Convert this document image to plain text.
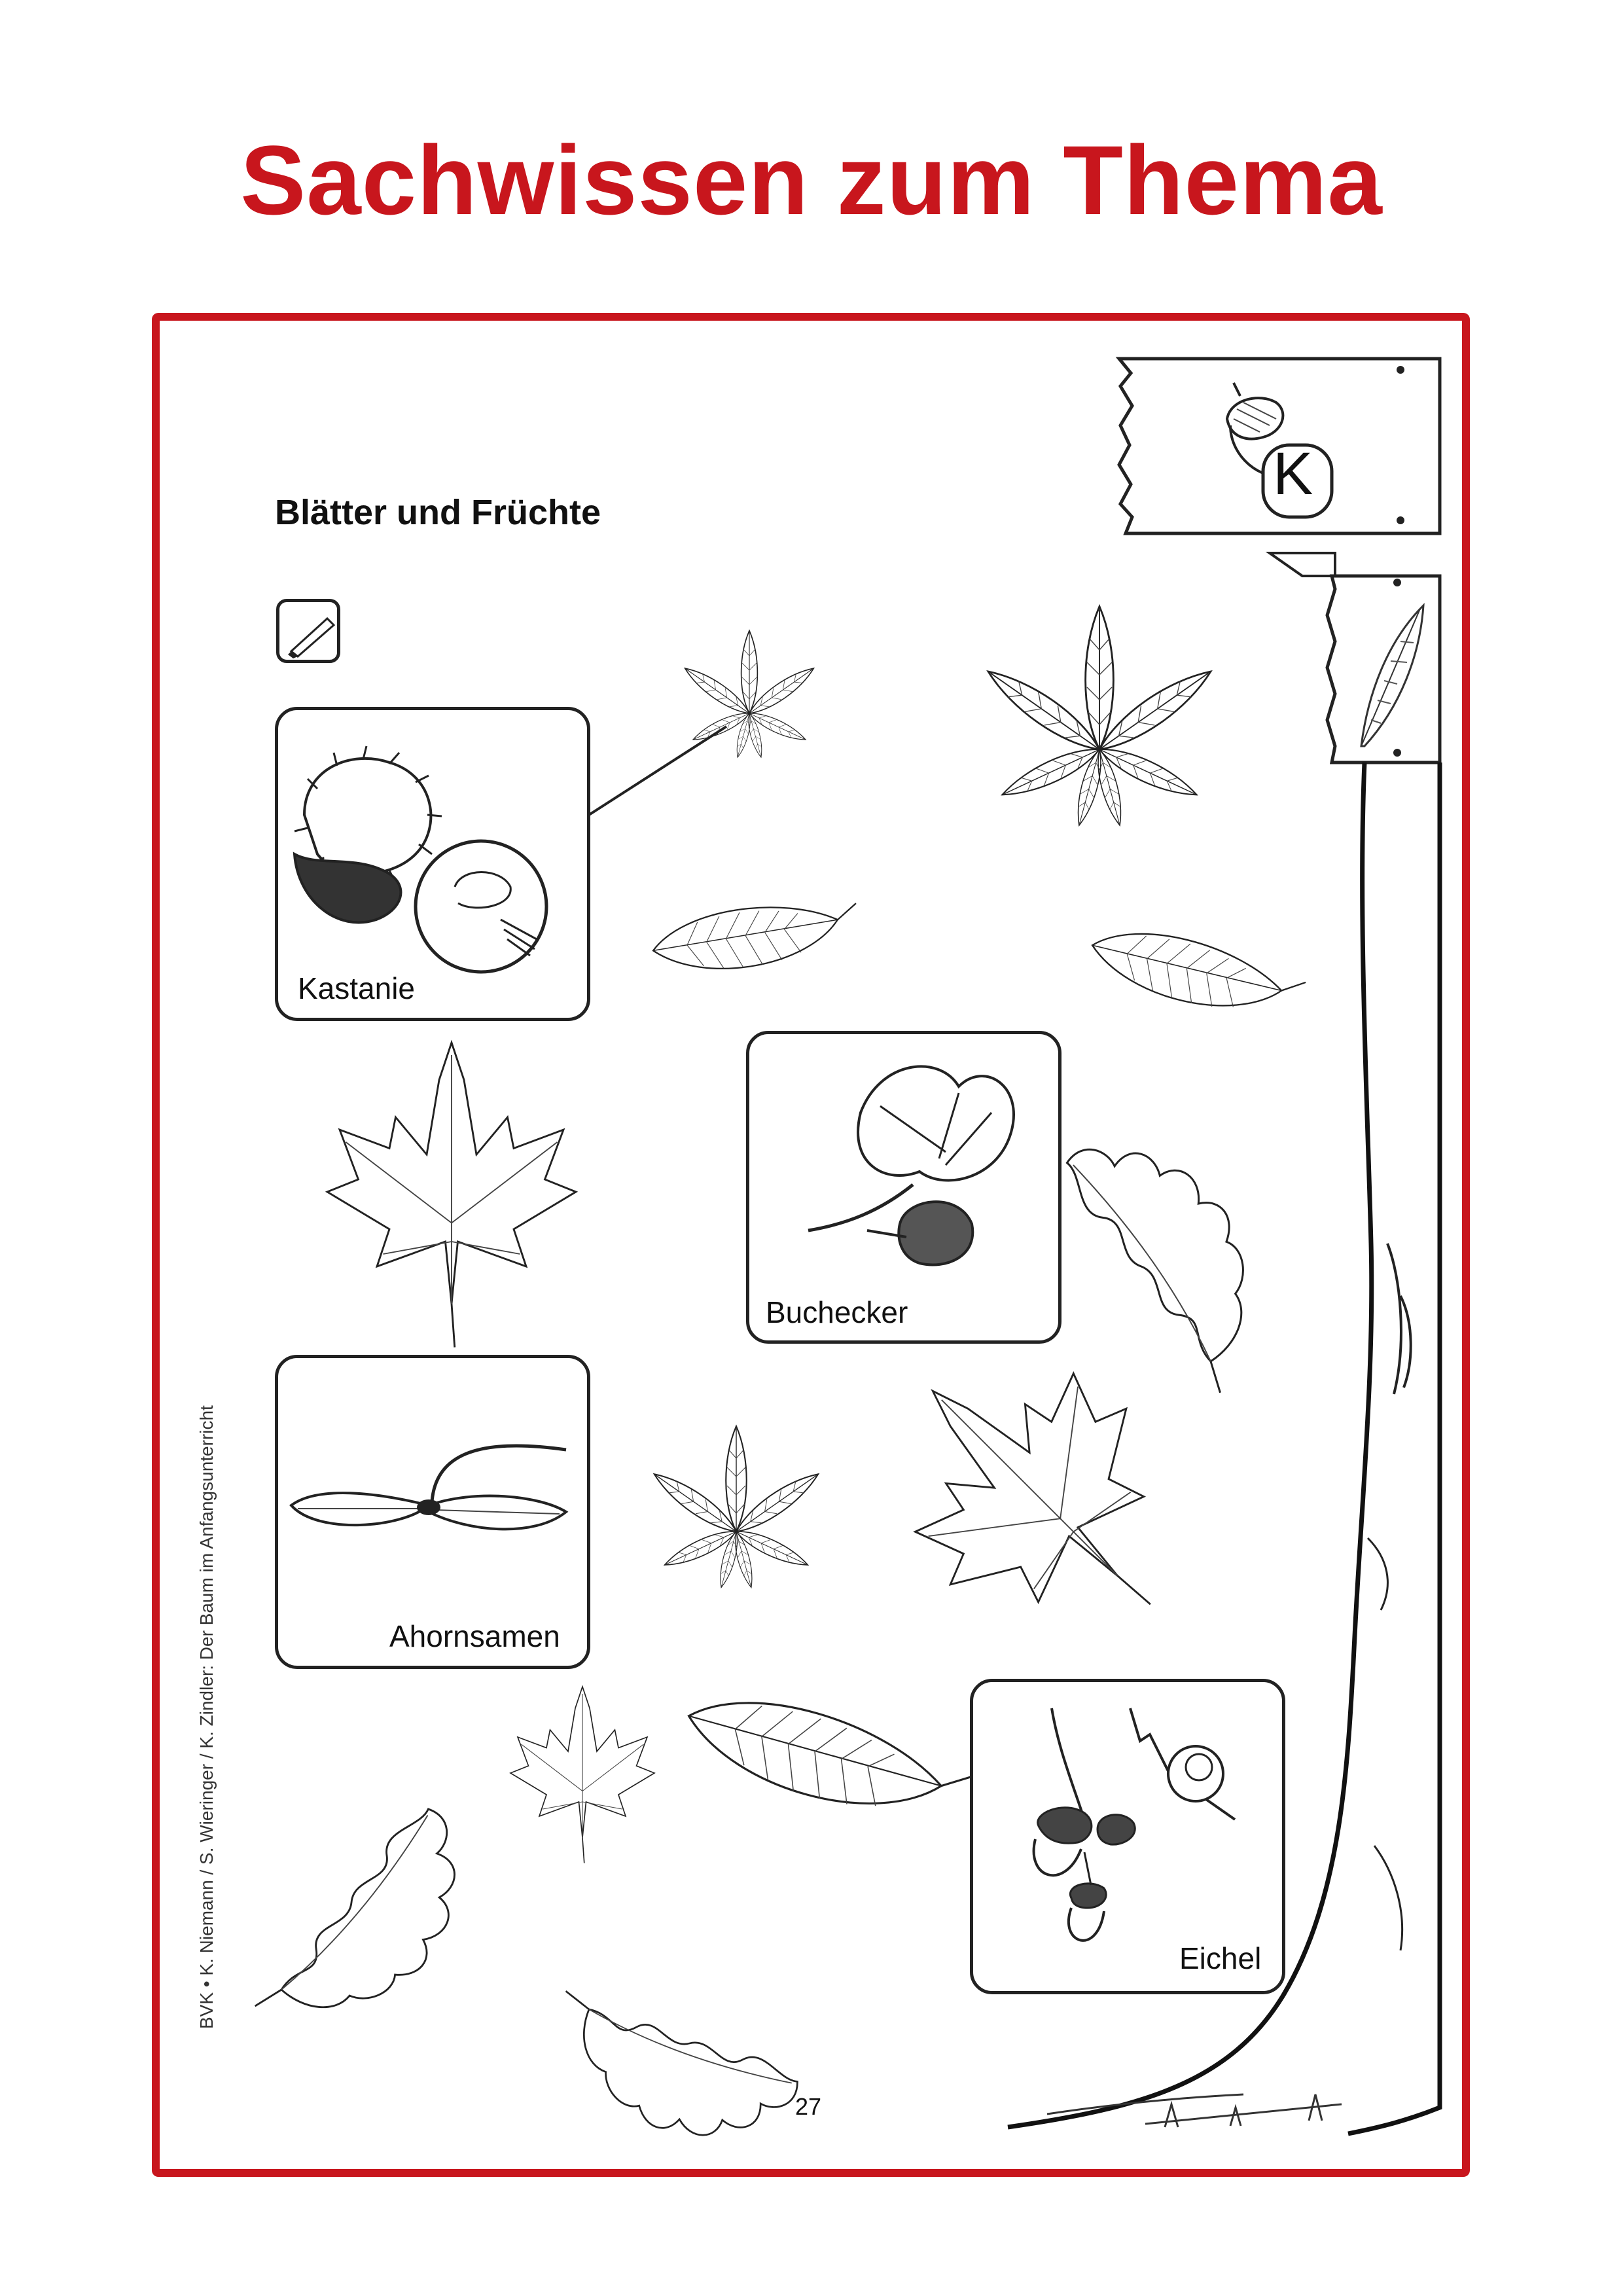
Sachwissen zum Thema
Blätter und Früchte
K
Kastanie
Buchecker
Ahornsamen
Eichel
BVK • K. Niemann / S. Wieringer / K. Zindler: Der Baum im Anfangsunterricht
27
